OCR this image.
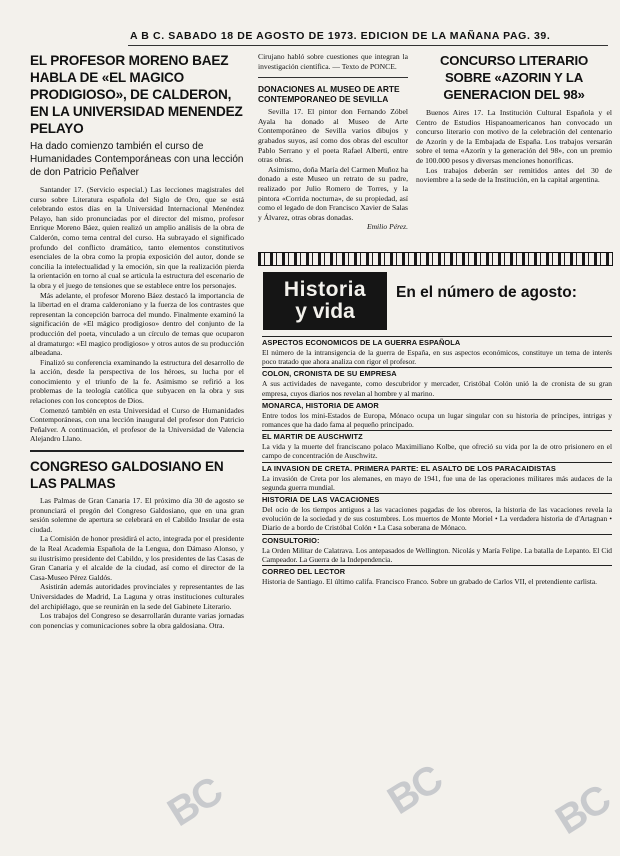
A B C. SABADO 18 DE AGOSTO DE 1973. EDICION DE LA MAÑANA PAG. 39.
EL PROFESOR MORENO BAEZ HABLA DE «EL MAGICO PRODIGIOSO», DE CALDERON, EN LA UNIVERSIDAD MENENDEZ PELAYO
Ha dado comienzo también el curso de Humanidades Contemporáneas con una lección de don Patricio Peñalver

Santander 17. (Servicio especial.) Las lecciones magistrales del curso sobre Literatura española del Siglo de Oro, que se está celebrando estos días en la Universidad Internacional Menéndez Pelayo, han sido pronunciadas por el director del mismo, profesor Enrique Moreno Báez, quien realizó un amplio análisis de la obra de Calderón, como tema central del curso. Ha subrayado el significado profundo del conflicto dramático, tanto elementos constitutivos esenciales de la obra como la propia exposición del autor, donde se concilia la intelectualidad y la emoción, sin que la realización pierda la orientación en torno al cual se articula la estructura del escenario de la obra y el juego de tensiones que se establece entre los personajes.

Más adelante, el profesor Moreno Báez destacó la importancia de la libertad en el drama calderoniano y la fuerza de los contrastes que representan la concepción barroca del mundo. Finalmente examinó la significación de «El mágico prodigioso» dentro del conjunto de la producción del poeta, vinculado a un círculo de temas que ocuparon al dramaturgo: «El magico prodigioso» y otros autos de su producción albeadana.

Finalizó su conferencia examinando la estructura del desarrollo de la acción, desde la perspectiva de los héroes, su lucha por el conocimiento y el triunfo de la fe. Asimismo se refirió a los problemas de la teología católica que subyacen en la obra y sus relaciones con los conceptos de Dios.

Comenzó también en esta Universidad el Curso de Humanidades Contemporáneas, con una lección inaugural del profesor don Patricio Peñalver. A continuación, el profesor de la Universidad de Valencia Alejandro Llano.

CONGRESO GALDOSIANO EN LAS PALMAS

Las Palmas de Gran Canaria 17. El próximo día 30 de agosto se pronunciará el pregón del Congreso Galdosiano, que en una gran sesión solemne de apertura se celebrará en el Cabildo Insular de esta ciudad.

La Comisión de honor presidirá el acto, integrada por el presidente de la Real Academia Española de la Lengua, don Dámaso Alonso, y su ilustrísimo presidente del Cabildo, y los presidentes de las Casas de Gran Canaria y el alcalde de la ciudad, así como el director de la Casa-Museo Pérez Galdós.

Asistirán además autoridades provinciales y representantes de las Universidades de Madrid, La Laguna y otras instituciones culturales del archipiélago, que se reunirán en la sede del Gabinete Literario.

Los trabajos del Congreso se desarrollarán durante varias jornadas con ponencias y comunicaciones sobre la obra galdosiana. Otra.

Cirujano habló sobre cuestiones que integran la investigación científica. — Texto de PONCE.

DONACIONES AL MUSEO DE ARTE CONTEMPORANEO DE SEVILLA

Sevilla 17. El pintor don Fernando Zóbel Ayala ha donado al Museo de Arte Contemporáneo de Sevilla varios dibujos y grabados suyos, así como dos obras del escultor Pablo Serrano y el poeta Rafael Alberti, entre otras obras.

Asimismo, doña María del Carmen Muñoz ha donado a este Museo un retrato de su padre, realizado por Julio Romero de Torres, y la pintora «Corrida nocturna», de su propiedad, así como el legado de don Francisco Xavier de Salas y Álvarez, otras obras donadas.

Emilio Pérez.

CONCURSO LITERARIO SOBRE «AZORIN Y LA GENERACION DEL 98»

Buenos Aires 17. La Institución Cultural Española y el Centro de Estudios Hispanoamericanos han convocado un concurso literario con motivo de la celebración del centenario de Azorín y de la Embajada de España. Los trabajos versarán sobre el tema «Azorín y la generación del 98», con un premio de 100.000 pesos y diversas menciones honoríficas.

Los trabajos deberán ser remitidos antes del 30 de noviembre a la sede de la Institución, en la capital argentina.

Historia
y vida
En el número de agosto:
ASPECTOS ECONOMICOS DE LA GUERRA ESPAÑOLA

El número de la intransigencia de la guerra de España, en sus aspectos económicos, constituye un tema de interés poco tratado que ahora analiza con rigor el profesor.

COLON, CRONISTA DE SU EMPRESA

A sus actividades de navegante, como descubridor y mercader, Cristóbal Colón unió la de cronista de su gran empresa, cuyos diarios nos revelan al hombre y al marino.

MONARCA, HISTORIA DE AMOR

Entre todos los mini-Estados de Europa, Mónaco ocupa un lugar singular con su historia de príncipes, intrigas y romances que ha dado fama al pequeño principado.

EL MARTIR DE AUSCHWITZ

La vida y la muerte del franciscano polaco Maximiliano Kolbe, que ofreció su vida por la de otro prisionero en el campo de concentración de Auschwitz.

LA INVASION DE CRETA. PRIMERA PARTE: EL ASALTO DE LOS PARACAIDISTAS

La invasión de Creta por los alemanes, en mayo de 1941, fue una de las operaciones militares más audaces de la segunda guerra mundial.

HISTORIA DE LAS VACACIONES

Del ocio de los tiempos antiguos a las vacaciones pagadas de los obreros, la historia de las vacaciones revela la evolución de la sociedad y de sus costumbres. Los muertos de Monte Moriel • La verdadera historia de d'Artagnan • Diario de a bordo de Cristóbal Colón • La Casa soberana de Mónaco.

CONSULTORIO:

La Orden Militar de Calatrava. Los antepasados de Wellington. Nicolás y María Felipe. La batalla de Lepanto. El Cid Campeador. La Guerra de la Independencia.

CORREO DEL LECTOR

Historia de Santiago. El último califa. Francisco Franco. Sobre un grabado de Carlos VII, el pretendiente carlista.

BC	BC BC
